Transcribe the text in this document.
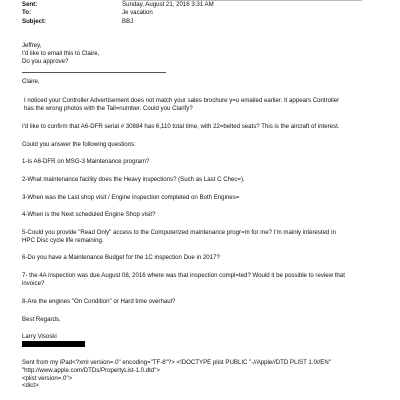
Sent:	Sunday, August 21, 2016 3:31 AM
To:	Je vacation
Subject:	BBJ
Jeffrey,
I'd like to email this to Claire,
Do you approve?
Claire,
I noticed your Controller Advertisement does not match your sales brochure y=u emailed earlier. It appears Controller
has the wrong photos with the Tail=number. Could you Clarify?
I'd like to confirm that A6-DFR serial # 30884 has 6,110 total time, with 22=belted seats? This is the aircraft of interest.
Could you answer the following questions:
1-Is A6-DFR on MSG-3 Maintenance program?
2-What maintenance facility does the Heavy inspections? (Such as Last C Chec=).
3-When was the Last shop visit / Engine inspection completed on Both Engines=
4-When is the Next scheduled Engine Shop visit?
5-Could you provide "Read Only" access to the Computerized maintenance progr=m for me? I'm mainly interested in
HPC Disc cycle life remaining.
6-Do you have a Maintenance Budget for the 1C inspection Due in 2017?
7- the 4A inspection was due August 08, 2016 where was that inspection compl=ted? Would it be possible to review that
invoice?
8-Are the engines "On Condition" or Hard time overhaul?
Best Regards,
Larry Visoski
Sent from my iPad<?xml version=.0" encoding="TF-8"?> <!DOCTYPE plist PUBLIC "-//Apple//DTD PLIST 1.0//EN"
"http://www.apple.com/DTDs/PropertyList-1.0.dtd">
<plist version=.0">
<dict>
